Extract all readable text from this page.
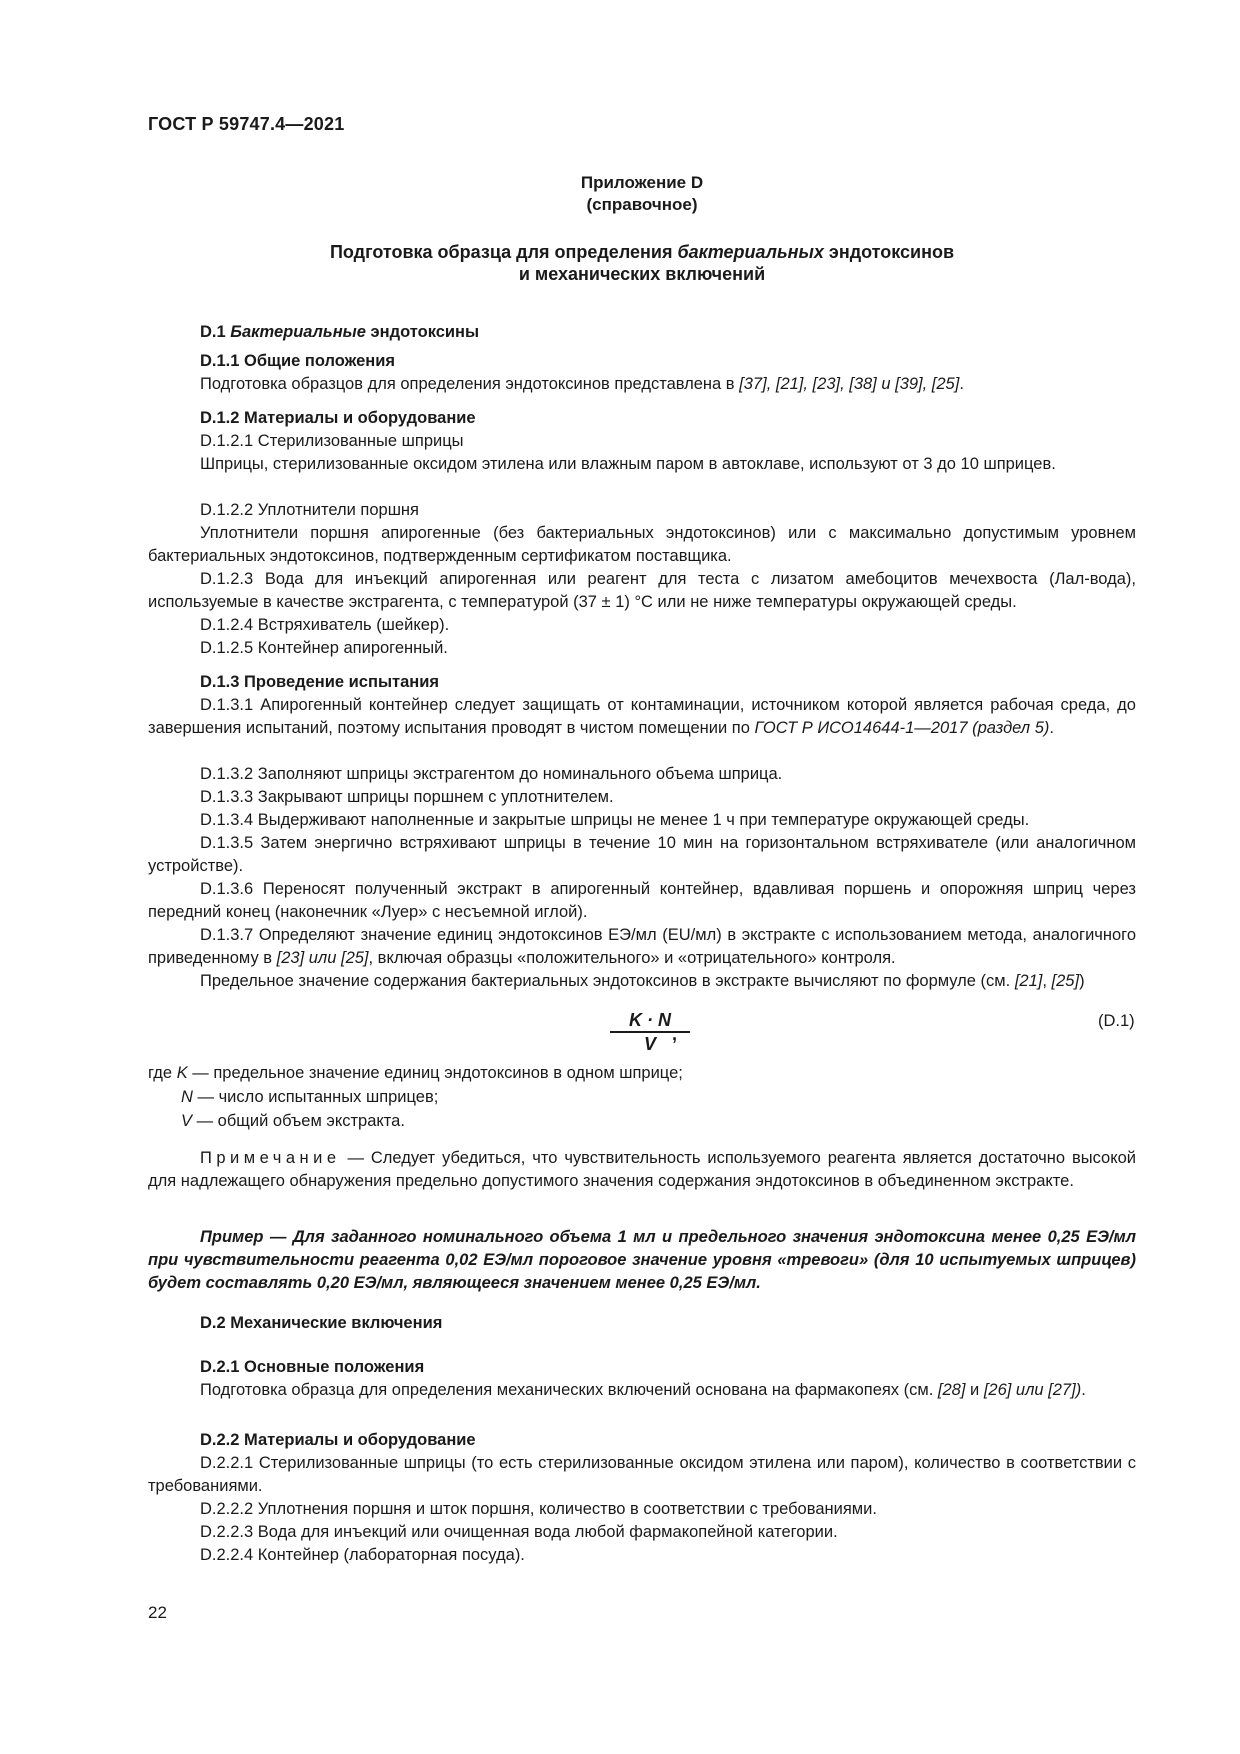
ГОСТ Р 59747.4—2021
Приложение D
(справочное)
Подготовка образца для определения бактериальных эндотоксинов
и механических включений
D.1 Бактериальные эндотоксины
D.1.1 Общие положения
Подготовка образцов для определения эндотоксинов представлена в [37], [21], [23], [38] и [39], [25].
D.1.2 Материалы и оборудование
D.1.2.1 Стерилизованные шприцы
Шприцы, стерилизованные оксидом этилена или влажным паром в автоклаве, используют от 3 до 10 шприцев.
D.1.2.2 Уплотнители поршня
Уплотнители поршня апирогенные (без бактериальных эндотоксинов) или с максимально допустимым уровнем бактериальных эндотоксинов, подтвержденным сертификатом поставщика.
D.1.2.3 Вода для инъекций апирогенная или реагент для теста с лизатом амебоцитов мечехвоста (Лал-вода), используемые в качестве экстрагента, с температурой (37 ± 1) °С или не ниже температуры окружающей среды.
D.1.2.4 Встряхиватель (шейкер).
D.1.2.5 Контейнер апирогенный.
D.1.3 Проведение испытания
D.1.3.1 Апирогенный контейнер следует защищать от контаминации, источником которой является рабочая среда, до завершения испытаний, поэтому испытания проводят в чистом помещении по ГОСТ Р ИСО14644-1—2017 (раздел 5).
D.1.3.2 Заполняют шприцы экстрагентом до номинального объема шприца.
D.1.3.3 Закрывают шприцы поршнем с уплотнителем.
D.1.3.4 Выдерживают наполненные и закрытые шприцы не менее 1 ч при температуре окружающей среды.
D.1.3.5 Затем энергично встряхивают шприцы в течение 10 мин на горизонтальном встряхивателе (или аналогичном устройстве).
D.1.3.6 Переносят полученный экстракт в апирогенный контейнер, вдавливая поршень и опорожняя шприц через передний конец (наконечник «Луер» с несъемной иглой).
D.1.3.7 Определяют значение единиц эндотоксинов ЕЭ/мл (EU/мл) в экстракте с использованием метода, аналогичного приведенному в [23] или [25], включая образцы «положительного» и «отрицательного» контроля.
Предельное значение содержания бактериальных эндотоксинов в экстракте вычисляют по формуле (см. [21], [25])
$\frac{K \cdot N}{V}$
,
(D.1)
где K — предельное значение единиц эндотоксинов в одном шприце;
N — число испытанных шприцев;
V — общий объем экстракта.
Примечание — Следует убедиться, что чувствительность используемого реагента является достаточно высокой для надлежащего обнаружения предельно допустимого значения содержания эндотоксинов в объединенном экстракте.
Пример — Для заданного номинального объема 1 мл и предельного значения эндотоксина менее 0,25 ЕЭ/мл при чувствительности реагента 0,02 ЕЭ/мл пороговое значение уровня «тревоги» (для 10 испытуемых шприцев) будет составлять 0,20 ЕЭ/мл, являющееся значением менее 0,25 ЕЭ/мл.
D.2 Механические включения
D.2.1 Основные положения
Подготовка образца для определения механических включений основана на фармакопеях (см. [28] и [26] или [27]).
D.2.2 Материалы и оборудование
D.2.2.1 Стерилизованные шприцы (то есть стерилизованные оксидом этилена или паром), количество в соответствии с требованиями.
D.2.2.2 Уплотнения поршня и шток поршня, количество в соответствии с требованиями.
D.2.2.3 Вода для инъекций или очищенная вода любой фармакопейной категории.
D.2.2.4 Контейнер (лабораторная посуда).
22
